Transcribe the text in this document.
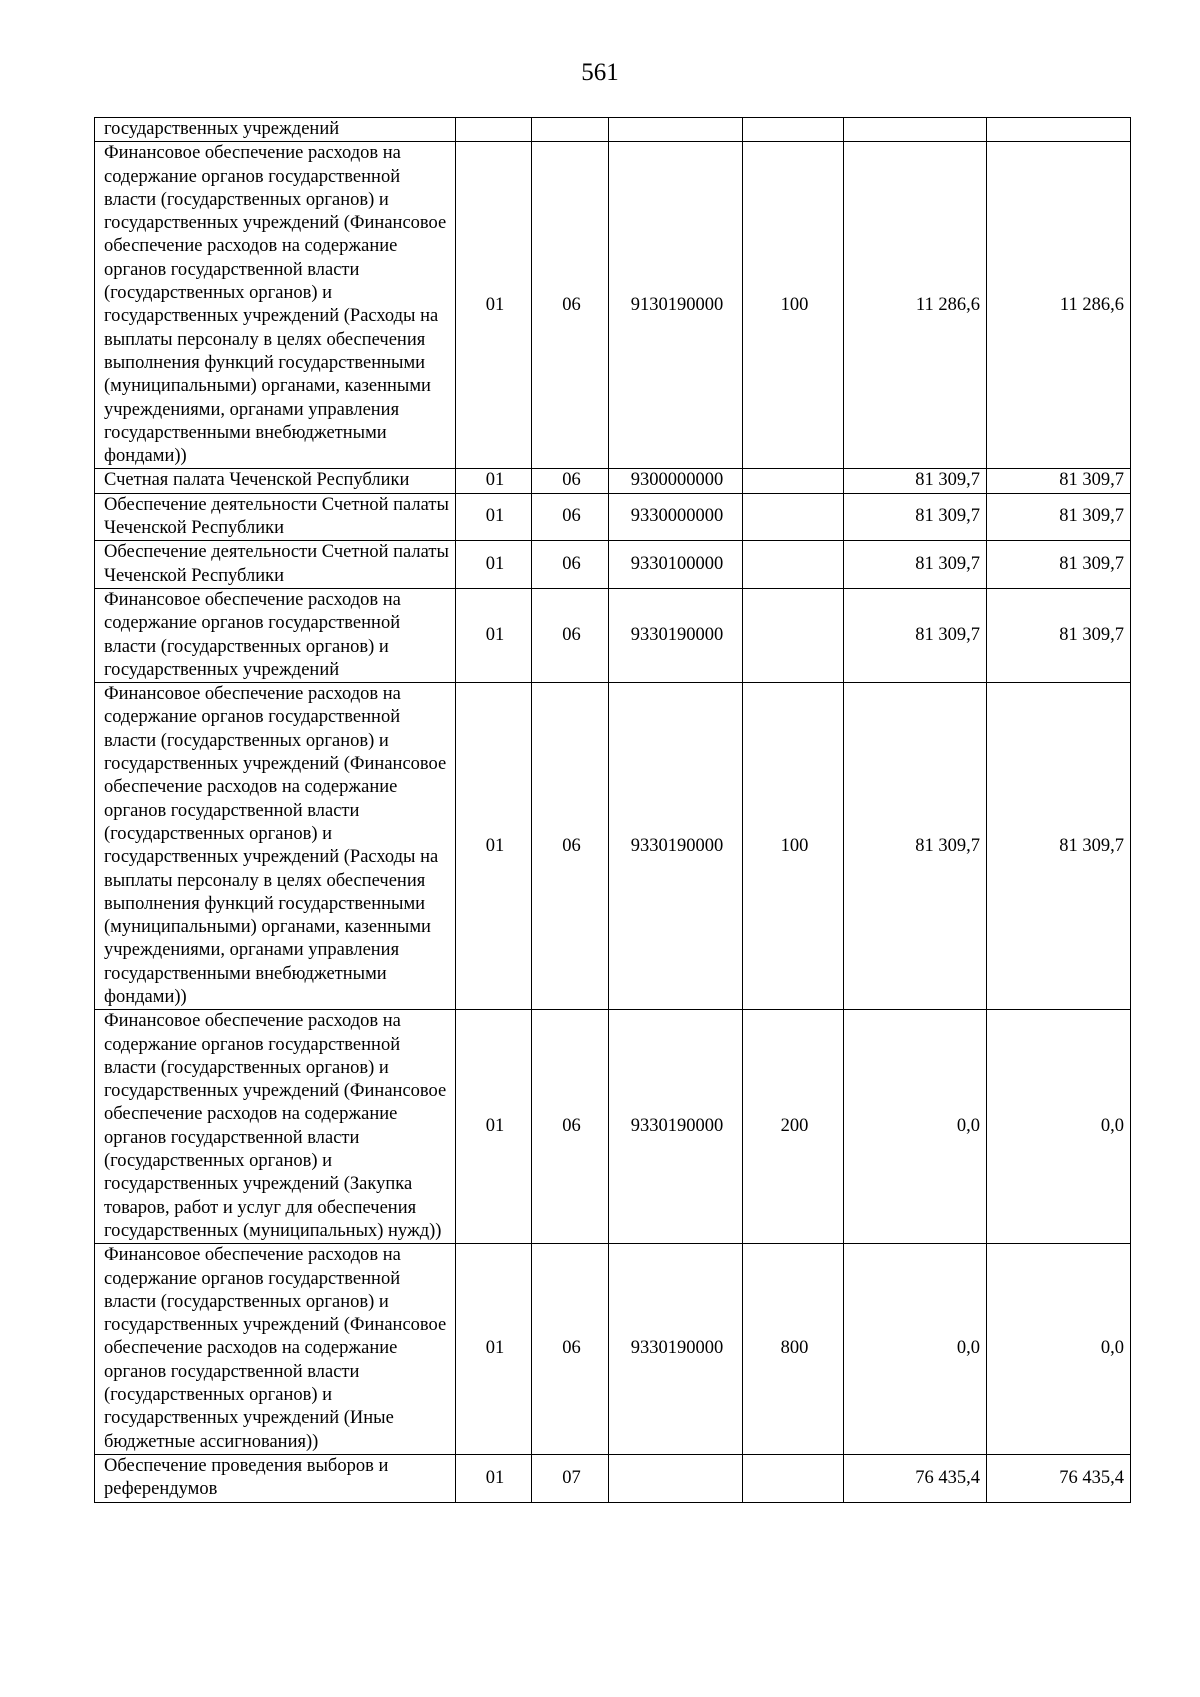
561
государственных учреждений						
Финансовое обеспечение расходов на содержание органов государственной власти (государственных органов) и государственных учреждений (Финансовое обеспечение расходов на содержание органов государственной власти (государственных органов) и государственных учреждений (Расходы на выплаты персоналу в целях обеспечения выполнения функций государственными (муниципальными) органами, казенными учреждениями, органами управления государственными внебюджетными фондами))	01	06	9130190000	100	11 286,6	11 286,6
Счетная палата Чеченской Республики	01	06	9300000000		81 309,7	81 309,7
Обеспечение деятельности Счетной палаты Чеченской Республики	01	06	9330000000		81 309,7	81 309,7
Обеспечение деятельности Счетной палаты Чеченской Республики	01	06	9330100000		81 309,7	81 309,7
Финансовое обеспечение расходов на содержание органов государственной власти (государственных органов) и государственных учреждений	01	06	9330190000		81 309,7	81 309,7
Финансовое обеспечение расходов на содержание органов государственной власти (государственных органов) и государственных учреждений (Финансовое обеспечение расходов на содержание органов государственной власти (государственных органов) и государственных учреждений (Расходы на выплаты персоналу в целях обеспечения выполнения функций государственными (муниципальными) органами, казенными учреждениями, органами управления государственными внебюджетными фондами))	01	06	9330190000	100	81 309,7	81 309,7
Финансовое обеспечение расходов на содержание органов государственной власти (государственных органов) и государственных учреждений (Финансовое обеспечение расходов на содержание органов государственной власти (государственных органов) и государственных учреждений (Закупка товаров, работ и услуг для обеспечения государственных (муниципальных) нужд))	01	06	9330190000	200	0,0	0,0
Финансовое обеспечение расходов на содержание органов государственной власти (государственных органов) и государственных учреждений (Финансовое обеспечение расходов на содержание органов государственной власти (государственных органов) и государственных учреждений (Иные бюджетные ассигнования))	01	06	9330190000	800	0,0	0,0
Обеспечение проведения выборов и референдумов	01	07			76 435,4	76 435,4
